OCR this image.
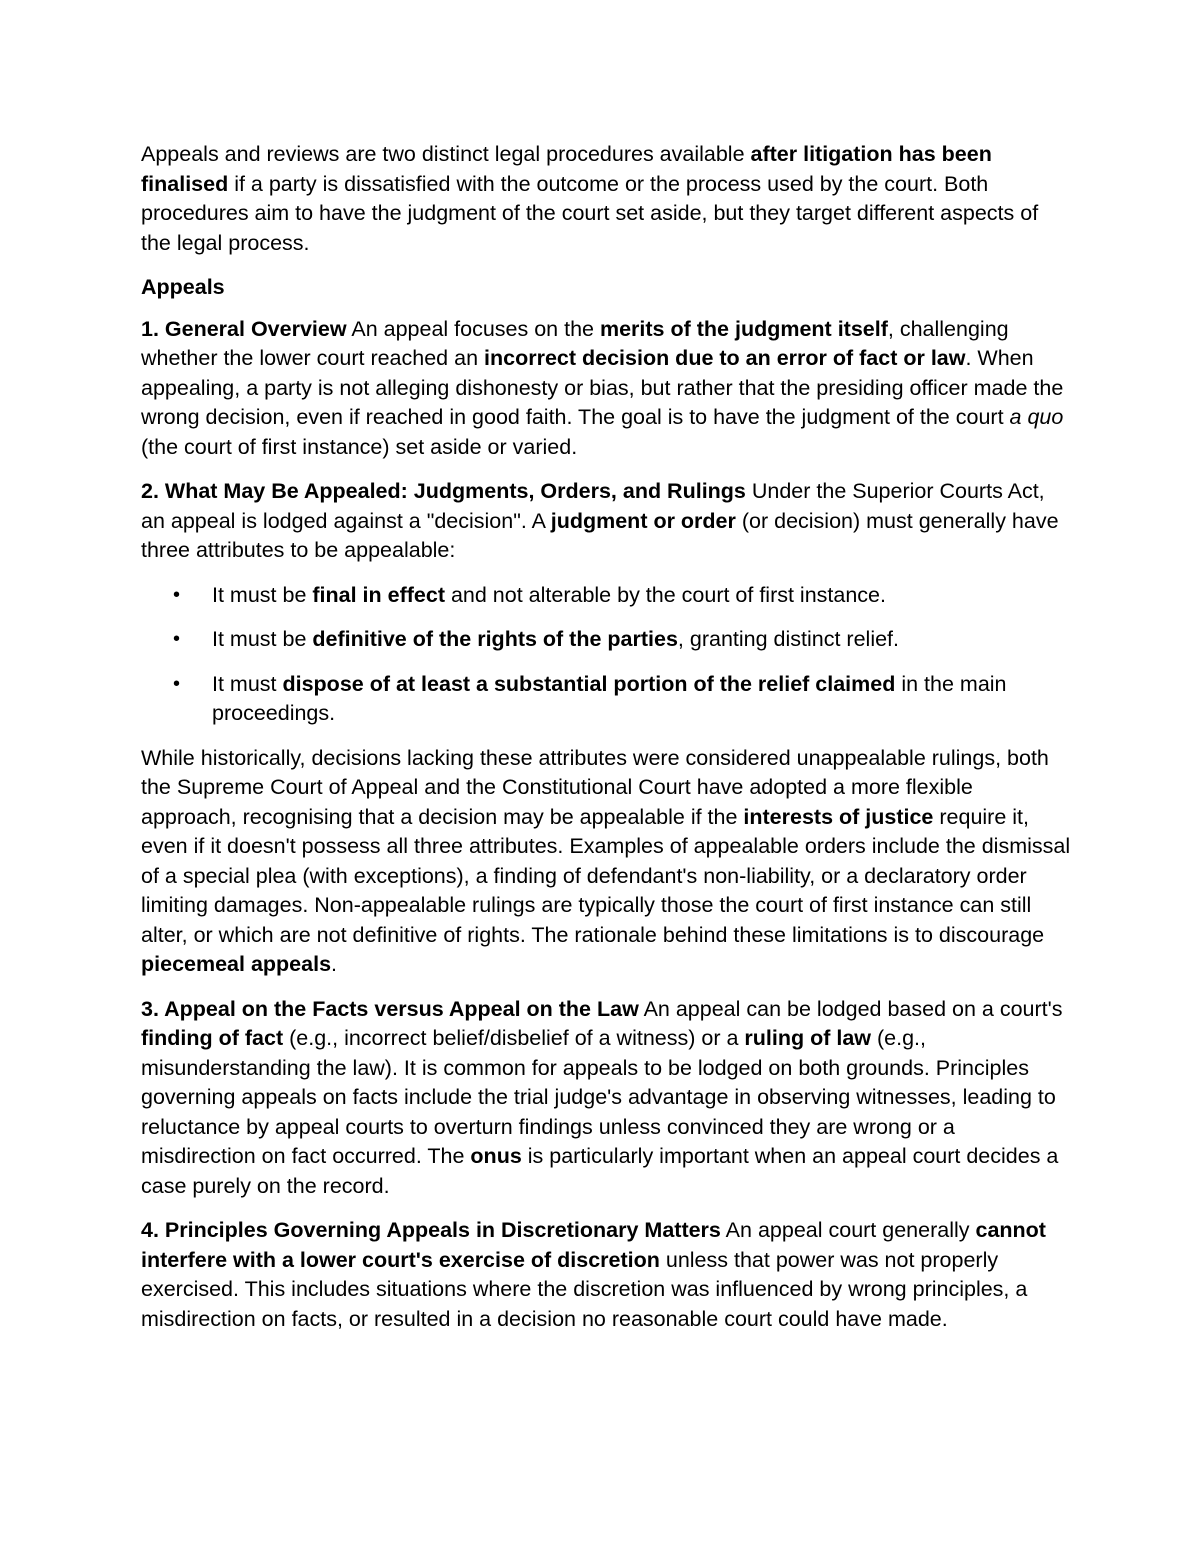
Appeals and reviews are two distinct legal procedures available after litigation has been finalised if a party is dissatisfied with the outcome or the process used by the court. Both procedures aim to have the judgment of the court set aside, but they target different aspects of the legal process.

Appeals

1. General Overview An appeal focuses on the merits of the judgment itself, challenging whether the lower court reached an incorrect decision due to an error of fact or law. When appealing, a party is not alleging dishonesty or bias, but rather that the presiding officer made the wrong decision, even if reached in good faith. The goal is to have the judgment of the court a quo (the court of first instance) set aside or varied.

2. What May Be Appealed: Judgments, Orders, and Rulings Under the Superior Courts Act, an appeal is lodged against a "decision". A judgment or order (or decision) must generally have three attributes to be appealable:

• It must be final in effect and not alterable by the court of first instance.
• It must be definitive of the rights of the parties, granting distinct relief.
• It must dispose of at least a substantial portion of the relief claimed in the main proceedings.

While historically, decisions lacking these attributes were considered unappealable rulings, both the Supreme Court of Appeal and the Constitutional Court have adopted a more flexible approach, recognising that a decision may be appealable if the interests of justice require it, even if it doesn't possess all three attributes. Examples of appealable orders include the dismissal of a special plea (with exceptions), a finding of defendant's non-liability, or a declaratory order limiting damages. Non-appealable rulings are typically those the court of first instance can still alter, or which are not definitive of rights. The rationale behind these limitations is to discourage piecemeal appeals.

3. Appeal on the Facts versus Appeal on the Law An appeal can be lodged based on a court's finding of fact (e.g., incorrect belief/disbelief of a witness) or a ruling of law (e.g., misunderstanding the law). It is common for appeals to be lodged on both grounds. Principles governing appeals on facts include the trial judge's advantage in observing witnesses, leading to reluctance by appeal courts to overturn findings unless convinced they are wrong or a misdirection on fact occurred. The onus is particularly important when an appeal court decides a case purely on the record.

4. Principles Governing Appeals in Discretionary Matters An appeal court generally cannot interfere with a lower court's exercise of discretion unless that power was not properly exercised. This includes situations where the discretion was influenced by wrong principles, a misdirection on facts, or resulted in a decision no reasonable court could have made.
